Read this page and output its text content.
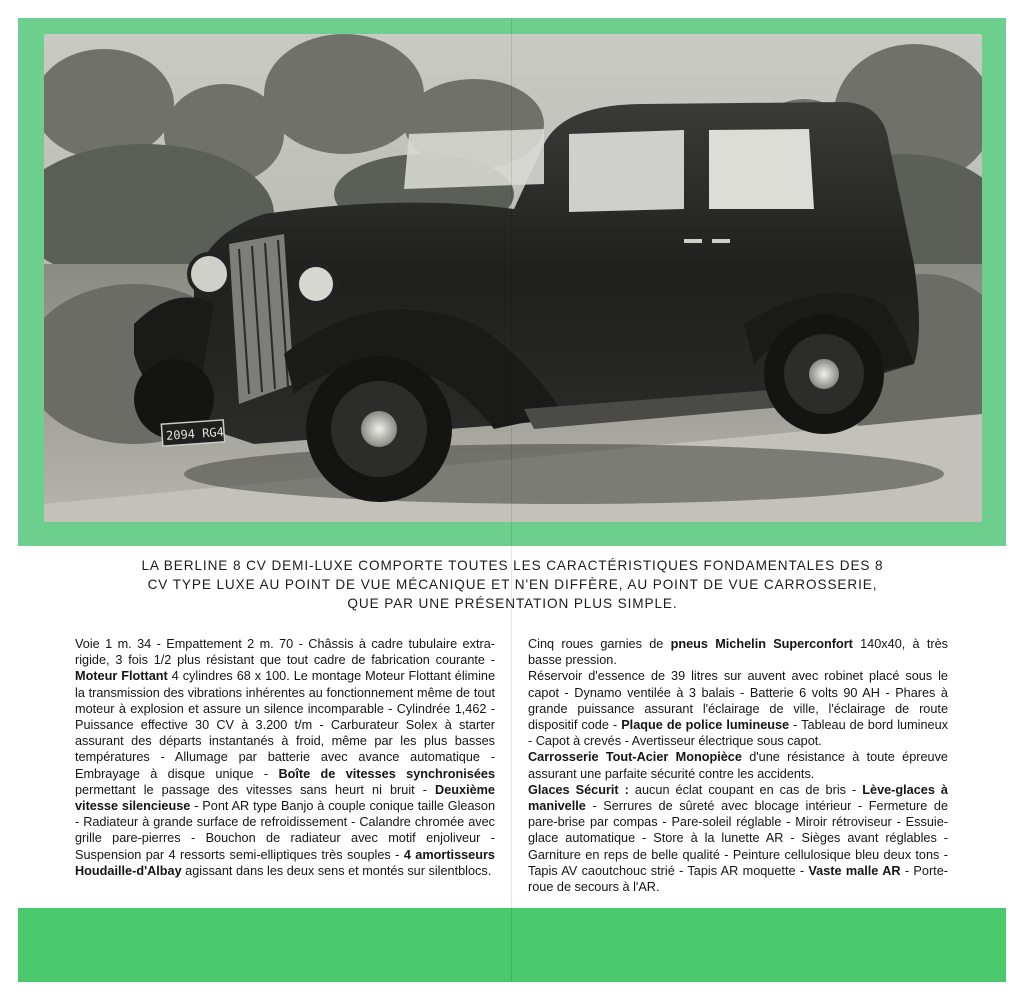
2094 RG4
LA BERLINE 8 CV DEMI-LUXE COMPORTE TOUTES LES CARACTÉRISTIQUES FONDAMENTALES DES 8 CV TYPE LUXE AU POINT DE VUE MÉCANIQUE ET N'EN DIFFÈRE, AU POINT DE VUE CARROSSERIE, QUE PAR UNE PRÉSENTATION PLUS SIMPLE.
Voie 1 m. 34 - Empattement 2 m. 70 - Châssis à cadre tubulaire extra-rigide, 3 fois 1/2 plus résistant que tout cadre de fabrication courante - Moteur Flottant 4 cylindres 68 x 100. Le montage Moteur Flottant élimine la transmission des vibrations inhérentes au fonctionnement même de tout moteur à explosion et assure un silence incomparable - Cylindrée 1,462 - Puissance effective 30 CV à 3.200 t/m - Carburateur Solex à starter assurant des départs instantanés à froid, même par les plus basses températures - Allumage par batterie avec avance automatique - Embrayage à disque unique - Boîte de vitesses synchronisées permettant le passage des vitesses sans heurt ni bruit - Deuxième vitesse silencieuse - Pont AR type Banjo à couple conique taille Gleason - Radiateur à grande surface de refroidissement - Calandre chromée avec grille pare-pierres - Bouchon de radiateur avec motif enjoliveur - Suspension par 4 ressorts semi-elliptiques très souples - 4 amortisseurs Houdaille-d'Albay agissant dans les deux sens et montés sur silentblocs.
Cinq roues garnies de pneus Michelin Superconfort 140x40, à très basse pression.
Réservoir d'essence de 39 litres sur auvent avec robinet placé sous le capot - Dynamo ventilée à 3 balais - Batterie 6 volts 90 AH - Phares à grande puissance assurant l'éclairage de ville, l'éclairage de route dispositif code - Plaque de police lumineuse - Tableau de bord lumineux - Capot à crevés - Avertisseur électrique sous capot.
Carrosserie Tout-Acier Monopièce d'une résistance à toute épreuve assurant une parfaite sécurité contre les accidents.
Glaces Sécurit : aucun éclat coupant en cas de bris - Lève-glaces à manivelle - Serrures de sûreté avec blocage intérieur - Fermeture de pare-brise par compas - Pare-soleil réglable - Miroir rétroviseur - Essuie-glace automatique - Store à la lunette AR - Sièges avant réglables - Garniture en reps de belle qualité - Peinture cellulosique bleu deux tons - Tapis AV caoutchouc strié - Tapis AR moquette - Vaste malle AR - Porte-roue de secours à l'AR.
